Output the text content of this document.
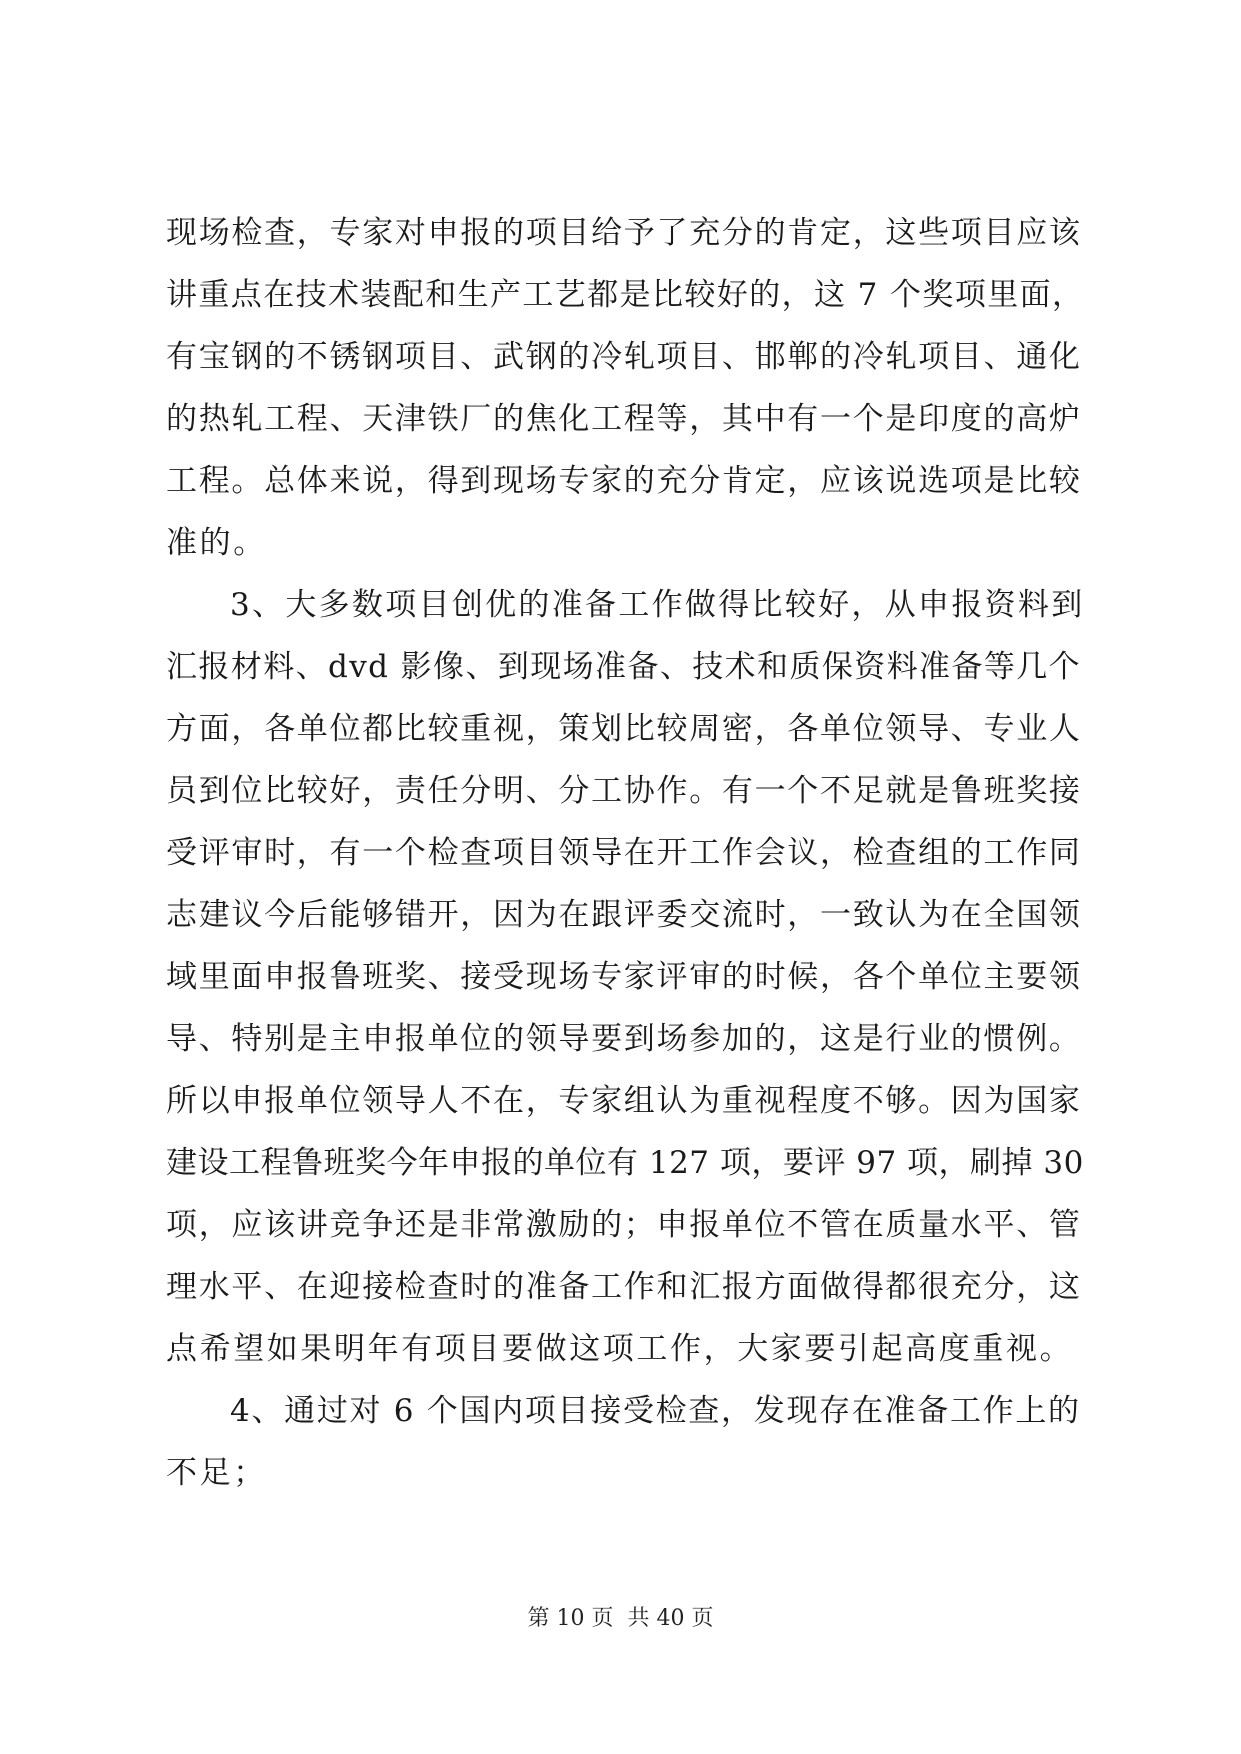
现场检查，专家对申报的项目给予了充分的肯定，这些项目应该
讲重点在技术装配和生产工艺都是比较好的，这 7 个奖项里面，
有宝钢的不锈钢项目、武钢的冷轧项目、邯郸的冷轧项目、通化
的热轧工程、天津铁厂的焦化工程等，其中有一个是印度的高炉
工程。总体来说，得到现场专家的充分肯定，应该说选项是比较
准的。
3、大多数项目创优的准备工作做得比较好，从申报资料到
汇报材料、dvd 影像、到现场准备、技术和质保资料准备等几个
方面，各单位都比较重视，策划比较周密，各单位领导、专业人
员到位比较好，责任分明、分工协作。有一个不足就是鲁班奖接
受评审时，有一个检查项目领导在开工作会议，检查组的工作同
志建议今后能够错开，因为在跟评委交流时，一致认为在全国领
域里面申报鲁班奖、接受现场专家评审的时候，各个单位主要领
导、特别是主申报单位的领导要到场参加的，这是行业的惯例。
所以申报单位领导人不在，专家组认为重视程度不够。因为国家
建设工程鲁班奖今年申报的单位有 127 项，要评 97 项，刷掉 30
项，应该讲竞争还是非常激励的；申报单位不管在质量水平、管
理水平、在迎接检查时的准备工作和汇报方面做得都很充分，这
点希望如果明年有项目要做这项工作，大家要引起高度重视。
4、通过对 6 个国内项目接受检查，发现存在准备工作上的
不足；
第 10 页 共 40 页
